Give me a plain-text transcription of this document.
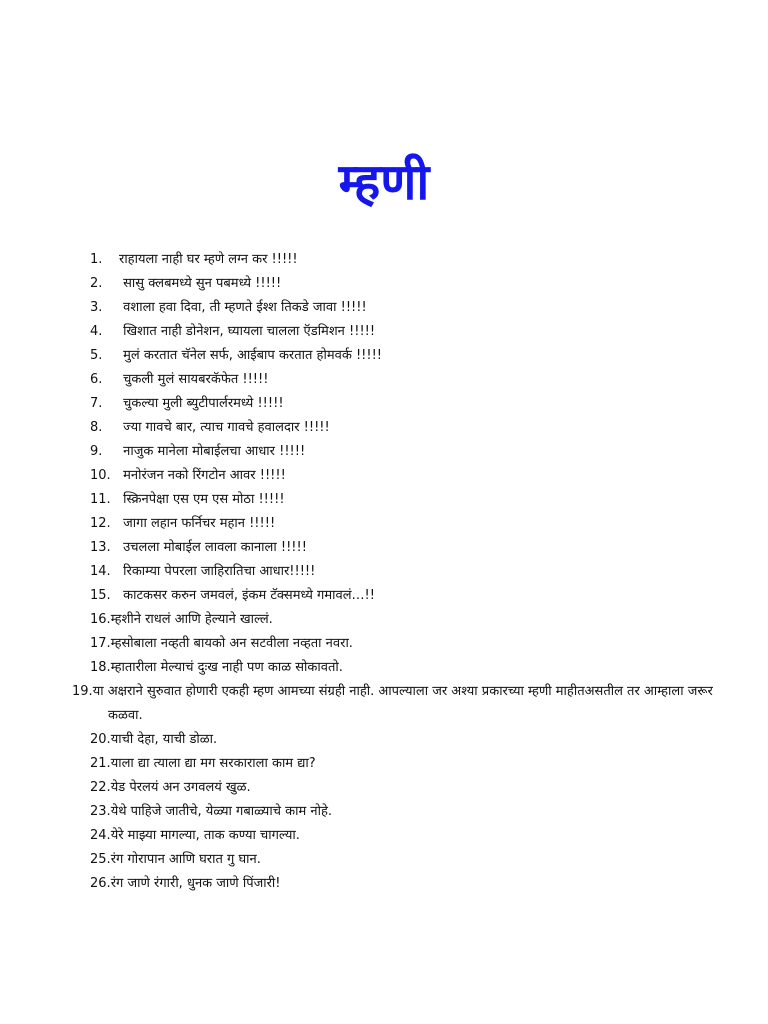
म्हणी
1. राहायला नाही घर म्हणे लग्न कर !!!!!
2. सासु क्लबमध्ये सुन पबमध्ये !!!!!
3. वशाला हवा दिवा, ती म्हणते ईश्श तिकडे जावा !!!!!
4. खिशात नाही डोनेशन, घ्यायला चालला ऍडमिशन !!!!!
5. मुलं करतात चॅनेल सर्फ, आईबाप करतात होमवर्क !!!!!
6. चुकली मुलं सायबरकॅफेत !!!!!
7. चुकल्या मुली ब्युटीपार्लरमध्ये !!!!!
8. ज्या गावचे बार, त्याच गावचे हवालदार !!!!!
9. नाजुक मानेला मोबाईलचा आधार !!!!!
10. मनोरंजन नको रिंगटोन आवर !!!!!
11. स्क्रिनपेक्षा एस एम एस मोठा !!!!!
12. जागा लहान फर्निचर महान !!!!!
13. उचलला मोबाईल लावला कानाला !!!!!
14. रिकाम्या पेपरला जाहिरातिचा आधार!!!!!
15. काटकसर करुन जमवलं, इंकम टॅक्समध्ये गमावलं…!!
16.म्हशीने राधलं आणि हेल्याने खाल्लं.
17.म्हसोबाला नव्हती बायको अन सटवीला नव्हता नवरा.
18.म्हातारीला मेल्याचं दुःख नाही पण काळ सोकावतो.
19.या अक्षराने सुरुवात होणारी एकही म्हण आमच्या संग्रही नाही. आपल्याला जर अश्या प्रकारच्या म्हणी माहीतअसतील तर आम्हाला जरूर कळवा.
20.याची देहा, याची डोळा.
21.याला द्या त्याला द्या मग सरकाराला काम द्या?
22.येड पेरलयं अन उगवलयं खुळ.
23.येथे पाहिजे जातीचे, येळ्या गबाळ्याचे काम नोहे.
24.येरे माझ्या मागल्या, ताक कण्या चागल्या.
25.रंग गोरापान आणि घरात गु घान.
26.रंग जाणे रंगारी, धुनक जाणे पिंजारी!
